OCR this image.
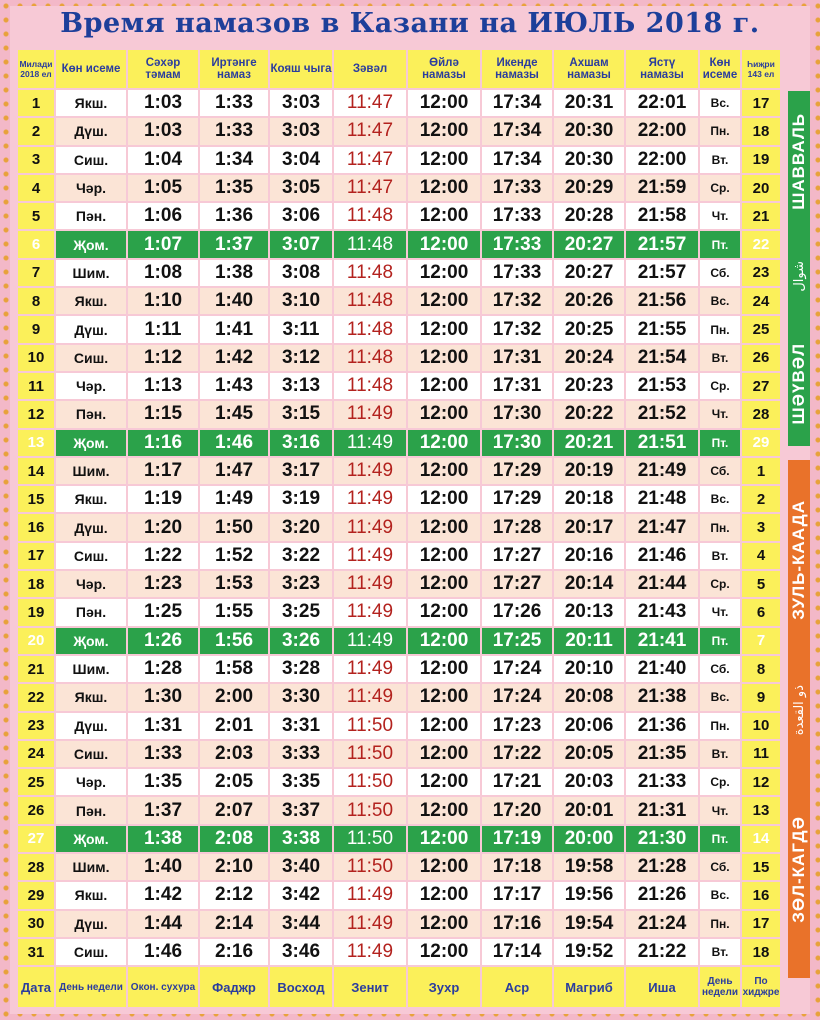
Время намазов в Казани на ИЮЛЬ 2018 г.
Милади 2018 ел	Көн исеме	Сәхәр тәмам	Иртәнге намаз	Кояш чыга	Зәвәл	Өйлә намазы	Икенде намазы	Ахшам намазы	Ястү намазы	Көн исеме	Һиҗри 143 ел
1	Якш.	1:03	1:33	3:03	11:47	12:00	17:34	20:31	22:01	Вс.	17
2	Дүш.	1:03	1:33	3:03	11:47	12:00	17:34	20:30	22:00	Пн.	18
3	Сиш.	1:04	1:34	3:04	11:47	12:00	17:34	20:30	22:00	Вт.	19
4	Чәр.	1:05	1:35	3:05	11:47	12:00	17:33	20:29	21:59	Ср.	20
5	Пән.	1:06	1:36	3:06	11:48	12:00	17:33	20:28	21:58	Чт.	21
6	Җом.	1:07	1:37	3:07	11:48	12:00	17:33	20:27	21:57	Пт.	22
7	Шим.	1:08	1:38	3:08	11:48	12:00	17:33	20:27	21:57	Сб.	23
8	Якш.	1:10	1:40	3:10	11:48	12:00	17:32	20:26	21:56	Вс.	24
9	Дүш.	1:11	1:41	3:11	11:48	12:00	17:32	20:25	21:55	Пн.	25
10	Сиш.	1:12	1:42	3:12	11:48	12:00	17:31	20:24	21:54	Вт.	26
11	Чәр.	1:13	1:43	3:13	11:48	12:00	17:31	20:23	21:53	Ср.	27
12	Пән.	1:15	1:45	3:15	11:49	12:00	17:30	20:22	21:52	Чт.	28
13	Җом.	1:16	1:46	3:16	11:49	12:00	17:30	20:21	21:51	Пт.	29
14	Шим.	1:17	1:47	3:17	11:49	12:00	17:29	20:19	21:49	Сб.	1
15	Якш.	1:19	1:49	3:19	11:49	12:00	17:29	20:18	21:48	Вс.	2
16	Дүш.	1:20	1:50	3:20	11:49	12:00	17:28	20:17	21:47	Пн.	3
17	Сиш.	1:22	1:52	3:22	11:49	12:00	17:27	20:16	21:46	Вт.	4
18	Чәр.	1:23	1:53	3:23	11:49	12:00	17:27	20:14	21:44	Ср.	5
19	Пән.	1:25	1:55	3:25	11:49	12:00	17:26	20:13	21:43	Чт.	6
20	Җом.	1:26	1:56	3:26	11:49	12:00	17:25	20:11	21:41	Пт.	7
21	Шим.	1:28	1:58	3:28	11:49	12:00	17:24	20:10	21:40	Сб.	8
22	Якш.	1:30	2:00	3:30	11:49	12:00	17:24	20:08	21:38	Вс.	9
23	Дүш.	1:31	2:01	3:31	11:50	12:00	17:23	20:06	21:36	Пн.	10
24	Сиш.	1:33	2:03	3:33	11:50	12:00	17:22	20:05	21:35	Вт.	11
25	Чәр.	1:35	2:05	3:35	11:50	12:00	17:21	20:03	21:33	Ср.	12
26	Пән.	1:37	2:07	3:37	11:50	12:00	17:20	20:01	21:31	Чт.	13
27	Җом.	1:38	2:08	3:38	11:50	12:00	17:19	20:00	21:30	Пт.	14
28	Шим.	1:40	2:10	3:40	11:50	12:00	17:18	19:58	21:28	Сб.	15
29	Якш.	1:42	2:12	3:42	11:49	12:00	17:17	19:56	21:26	Вс.	16
30	Дүш.	1:44	2:14	3:44	11:49	12:00	17:16	19:54	21:24	Пн.	17
31	Сиш.	1:46	2:16	3:46	11:49	12:00	17:14	19:52	21:22	Вт.	18
Дата	День недели	Окон. сухура	Фаджр	Восход	Зенит	Зухр	Аср	Магриб	Иша	День недели	По хиджре
ШАВВАЛЬ
شوال
ШӘҮВӘЛ
ЗУЛЬ-КААДА
ذو القعدة
ЗӨЛ-КАГДӘ
